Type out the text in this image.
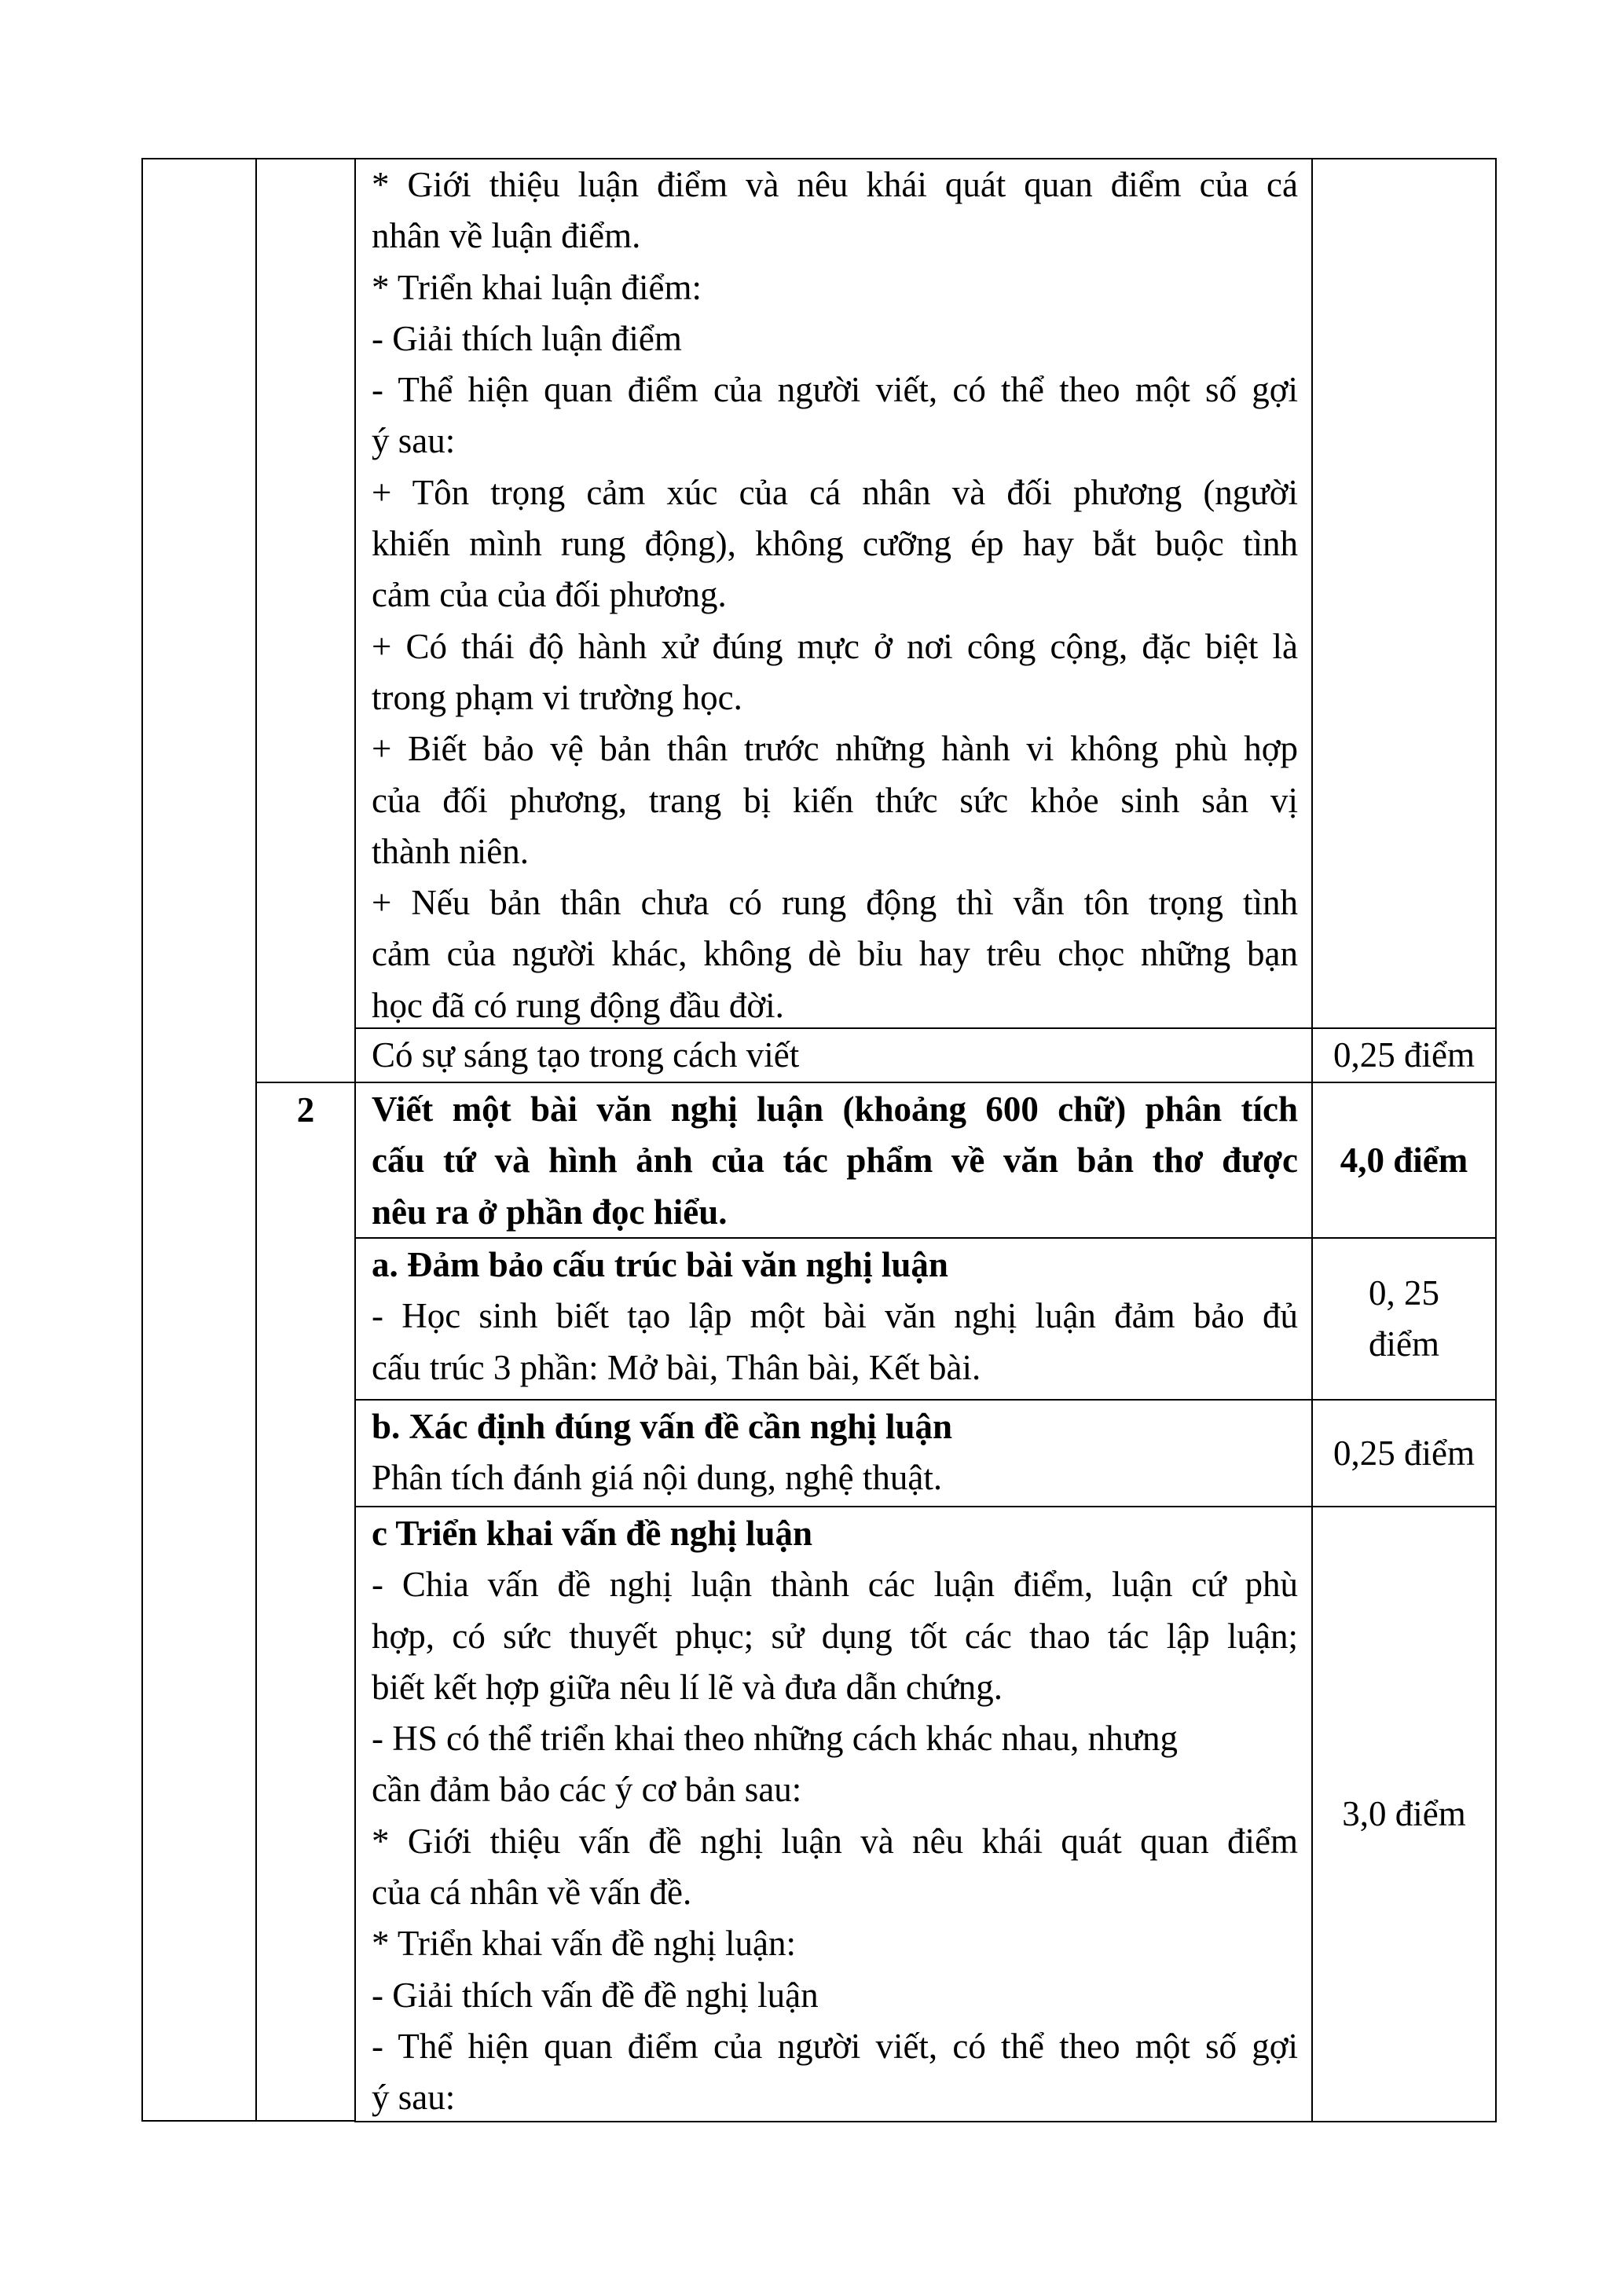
2
* Giới thiệu luận điểm và nêu khái quát quan điểm của cá
nhân về luận điểm.
* Triển khai luận điểm:
- Giải thích luận điểm
- Thể hiện quan điểm của người viết, có thể theo một số gợi
ý sau:
+ Tôn trọng cảm xúc của cá nhân và đối phương (người
khiến mình rung động), không cưỡng ép hay bắt buộc tình
cảm của của đối phương.
+ Có thái độ hành xử đúng mực ở nơi công cộng, đặc biệt là
trong phạm vi trường học.
+ Biết bảo vệ bản thân trước những hành vi không phù hợp
của đối phương, trang bị kiến thức sức khỏe sinh sản vị
thành niên.
+ Nếu bản thân chưa có rung động thì vẫn tôn trọng tình
cảm của người khác, không dè bỉu hay trêu chọc những bạn
học đã có rung động đầu đời.
Có sự sáng tạo trong cách viết	0,25 điểm
Viết một bài văn nghị luận (khoảng 600 chữ) phân tích
cấu tứ và hình ảnh của tác phẩm về văn bản thơ được
nêu ra ở phần đọc hiểu.
4,0 điểm
a. Đảm bảo cấu trúc bài văn nghị luận
- Học sinh biết tạo lập một bài văn nghị luận đảm bảo đủ
cấu trúc 3 phần: Mở bài, Thân bài, Kết bài.
0, 25
điểm
b. Xác định đúng vấn đề cần nghị luận
Phân tích đánh giá nội dung, nghệ thuật.
0,25 điểm
c Triển khai vấn đề nghị luận
- Chia vấn đề nghị luận thành các luận điểm, luận cứ phù
hợp, có sức thuyết phục; sử dụng tốt các thao tác lập luận;
biết kết hợp giữa nêu lí lẽ và đưa dẫn chứng.
- HS có thể triển khai theo những cách khác nhau, nhưng
cần đảm bảo các ý cơ bản sau:
* Giới thiệu vấn đề nghị luận và nêu khái quát quan điểm
của cá nhân về vấn đề.
* Triển khai vấn đề nghị luận:
- Giải thích vấn đề đề nghị luận
- Thể hiện quan điểm của người viết, có thể theo một số gợi
ý sau:
3,0 điểm
